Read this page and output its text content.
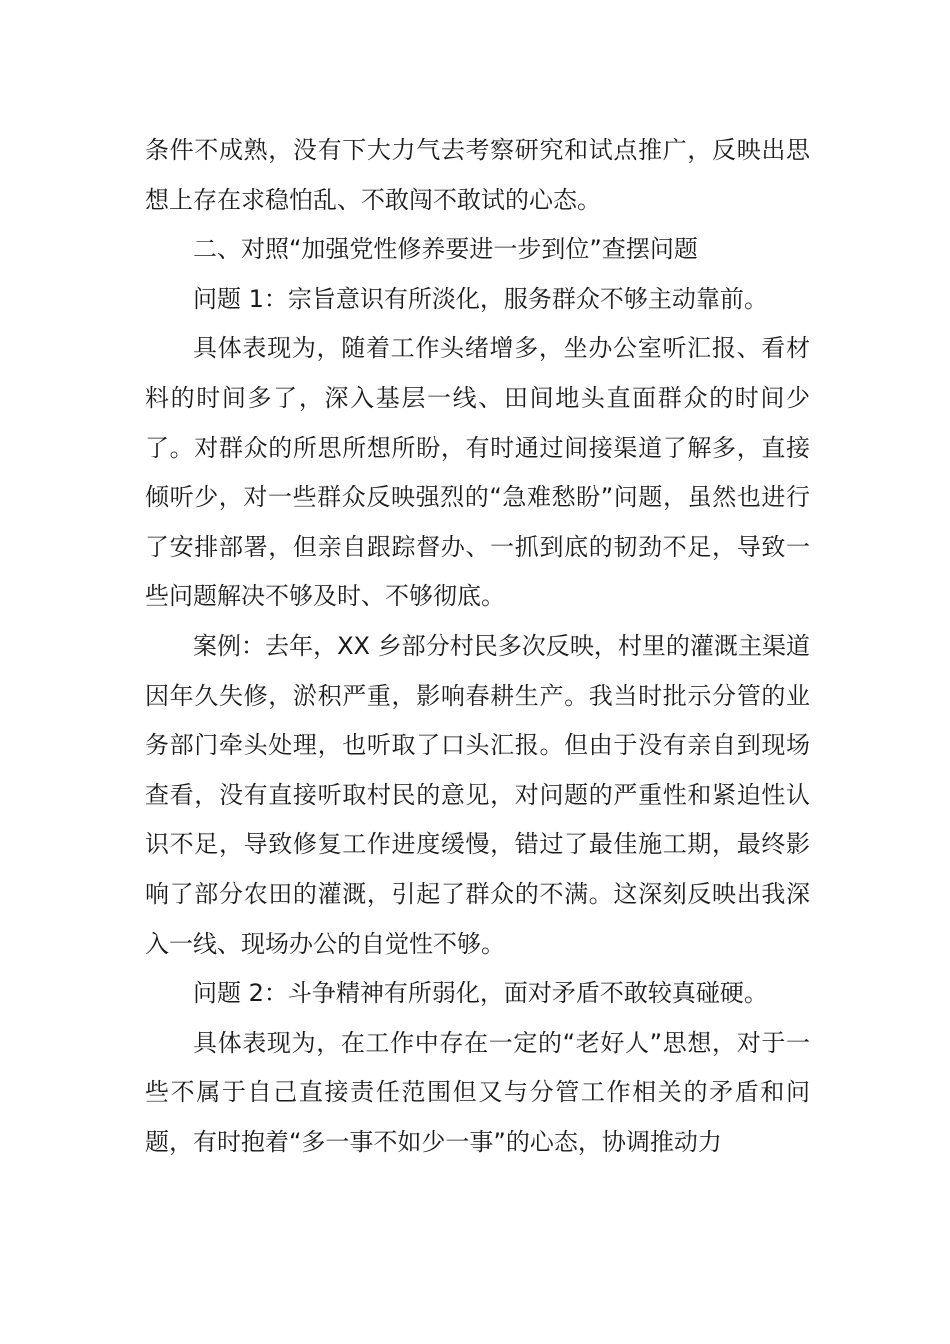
条件不成熟，没有下大力气去考察研究和试点推广，反映出思想上存在求稳怕乱、不敢闯不敢试的心态。

二、对照“加强党性修养要进一步到位”查摆问题

问题 1：宗旨意识有所淡化，服务群众不够主动靠前。

具体表现为，随着工作头绪增多，坐办公室听汇报、看材料的时间多了，深入基层一线、田间地头直面群众的时间少了。对群众的所思所想所盼，有时通过间接渠道了解多，直接倾听少，对一些群众反映强烈的“急难愁盼”问题，虽然也进行了安排部署，但亲自跟踪督办、一抓到底的韧劲不足，导致一些问题解决不够及时、不够彻底。

案例：去年，XX 乡部分村民多次反映，村里的灌溉主渠道因年久失修，淤积严重，影响春耕生产。我当时批示分管的业务部门牵头处理，也听取了口头汇报。但由于没有亲自到现场查看，没有直接听取村民的意见，对问题的严重性和紧迫性认识不足，导致修复工作进度缓慢，错过了最佳施工期，最终影响了部分农田的灌溉，引起了群众的不满。这深刻反映出我深入一线、现场办公的自觉性不够。

问题 2：斗争精神有所弱化，面对矛盾不敢较真碰硬。

具体表现为，在工作中存在一定的“老好人”思想，对于一些不属于自己直接责任范围但又与分管工作相关的矛盾和问题，有时抱着“多一事不如少一事”的心态，协调推动力
